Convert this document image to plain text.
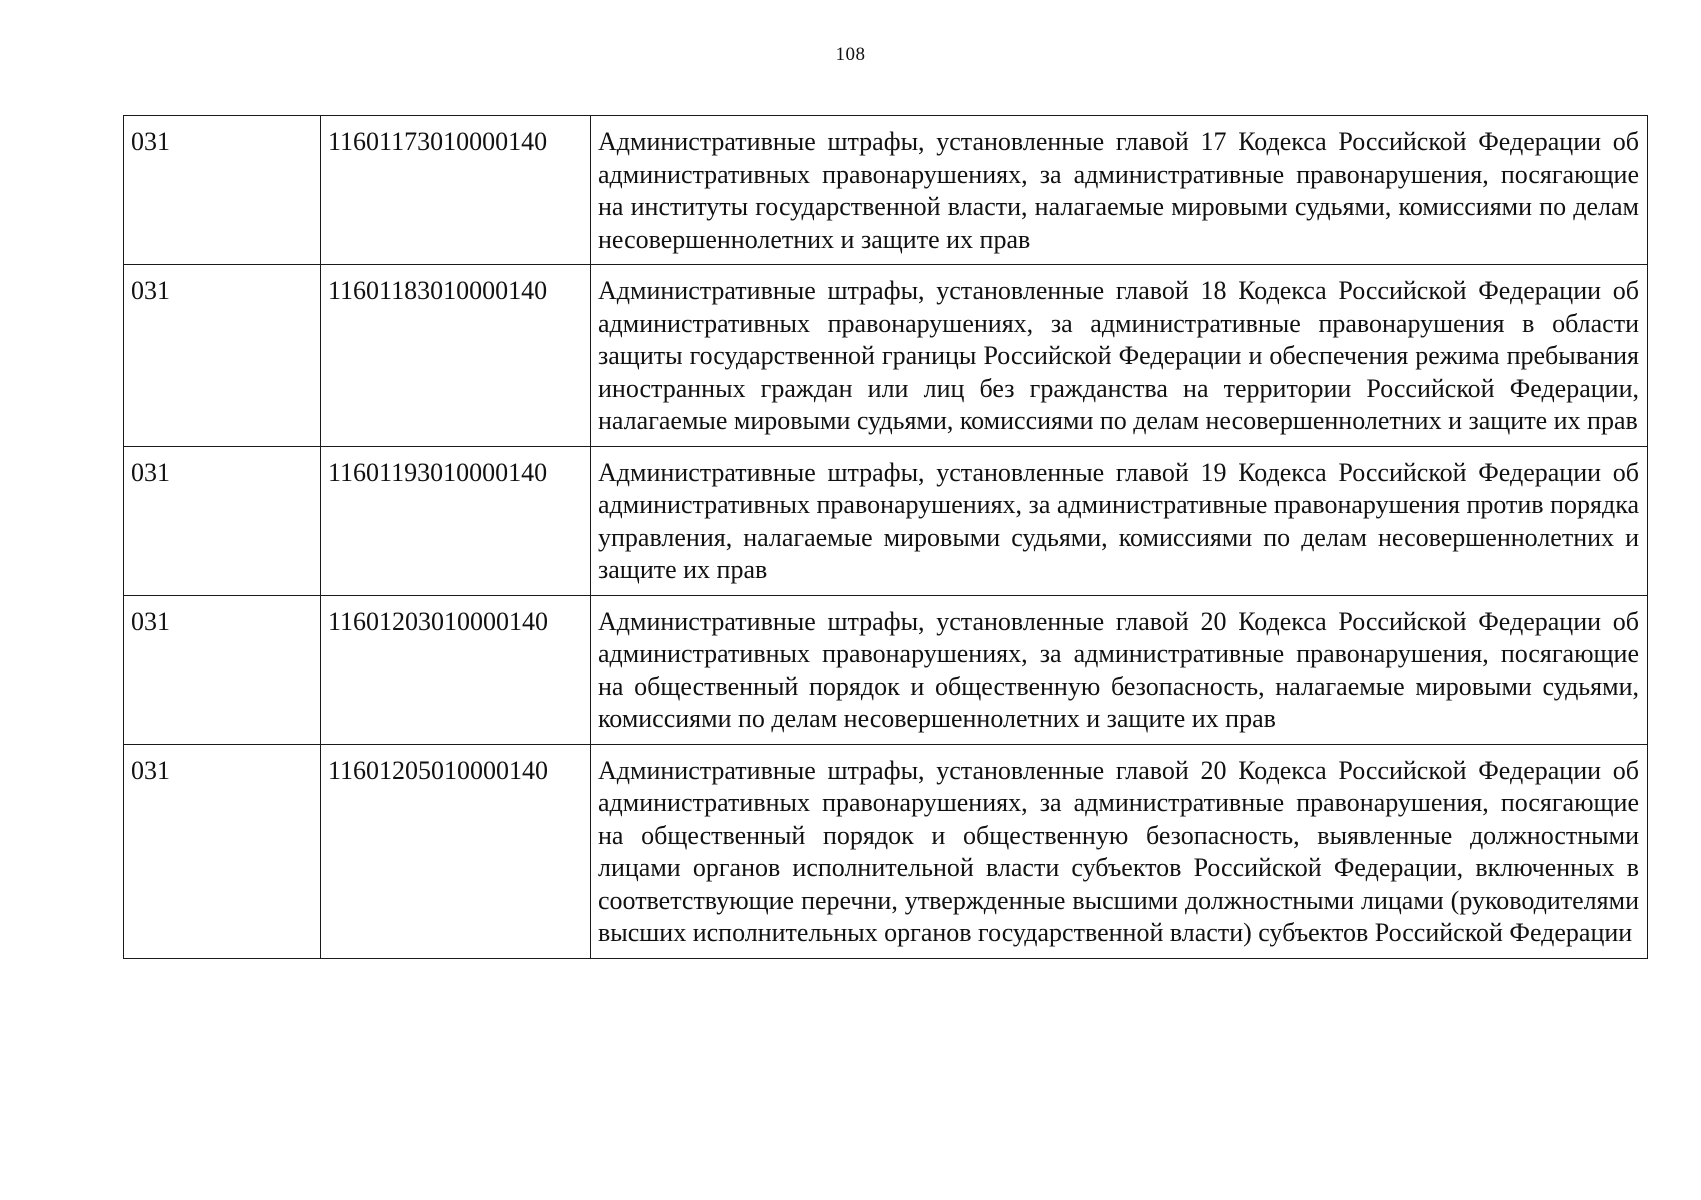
108
031	11601173010000140	Административные штрафы, установленные главой 17 Кодекса Российской Федерации об административных правонарушениях, за административные правонарушения, посягающие на институты государственной власти, налагаемые мировыми судьями, комиссиями по делам несовершеннолетних и защите их прав
031	11601183010000140	Административные штрафы, установленные главой 18 Кодекса Российской Федерации об административных правонарушениях, за административные правонарушения в области защиты государственной границы Российской Федерации и обеспечения режима пребывания иностранных граждан или лиц без гражданства на территории Российской Федерации, налагаемые мировыми судьями, комиссиями по делам несовершеннолетних и защите их прав
031	11601193010000140	Административные штрафы, установленные главой 19 Кодекса Российской Федерации об административных правонарушениях, за административные правонарушения против порядка управления, налагаемые мировыми судьями, комиссиями по делам несовершеннолетних и защите их прав
031	11601203010000140	Административные штрафы, установленные главой 20 Кодекса Российской Федерации об административных правонарушениях, за административные правонарушения, посягающие на общественный порядок и общественную безопасность, налагаемые мировыми судьями, комиссиями по делам несовершеннолетних и защите их прав
031	11601205010000140	Административные штрафы, установленные главой 20 Кодекса Российской Федерации об административных правонарушениях, за административные правонарушения, посягающие на общественный порядок и общественную безопасность, выявленные должностными лицами органов исполнительной власти субъектов Российской Федерации, включенных в соответствующие перечни, утвержденные высшими должностными лицами (руководителями высших исполнительных органов государственной власти) субъектов Российской Федерации
